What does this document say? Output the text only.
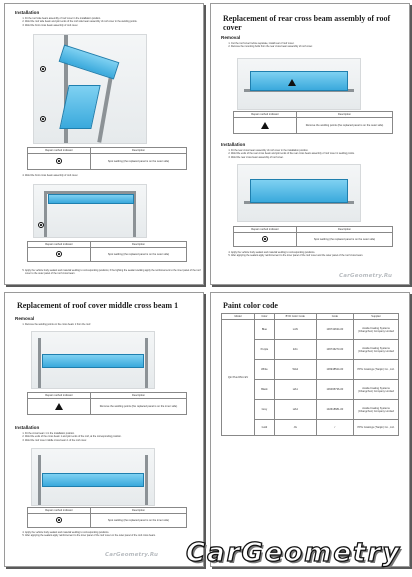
Installation
1. Fit the roof side beam assembly of roof cover in the installation position.
2. Weld the roof side beam and joint ends of the roof side beam assembly of roof cover in the welding points.
3. Weld the front cross beam assembly of roof cover.
Repair method indicator	Description
	Spot welding (the replaced panel is on the outer side)
4. Weld the front cross beam assembly of roof cover.
Repair method indicator	Description
	Spot welding (the replaced panel is on the outer side)
5. Apply the vehicle body sealant and material welding to corresponding positions; if the lighting the sealant welding apply the reinforcement to the inner panel of the roof cover to the outer panel of the roof cross beam.
Replacement of rear cross beam assembly of roof cover
Removal
1. Cut the roof cover before separate, install rear of roof cover.
2. Remove the mounting bolts from the rear cross beam assembly of roof cover.
Repair method indicator	Description
	Remove the welding points (the replaced panel is on the outer side)
Installation
1. Fit the rear cross beam assembly of roof cover in the installation position.
2. Weld the ends of the rear cross beam and joint ends of the rear cross beam assembly of roof cover in welding points.
3. Weld the rear cross beam assembly of roof cover.
Repair method indicator	Description
	Spot welding (the replaced panel is on the outer side)
4. Apply the vehicle body sealant and material welding to corresponding positions.
5. After applying the sealant apply reinforcement to the inner panel of the roof cover and the outer panel of the roof cross beam.
CarGeometry.Ru
Replacement of roof cover middle cross beam 1
Removal
1. Remove the welding points on the cross beam 1 from the roof.
Repair method indicator	Description
	Remove the welding points (the replaced panel is on the inner side)
Installation
1. Fit the cross beam 1 in the installation position.
2. Weld the ends of the cross beam 1 and joint ends of the roof, at the corresponding position.
3. Weld the roof cover middle cross beam 1 of the roof cover.
Repair method indicator	Description
	Spot welding (the replaced panel is on the inner side)
4. Apply the vehicle body sealant and material welding to corresponding positions.
5. After applying the sealant apply reinforcement to the inner panel of the roof cover on the outer panel of the roof cross beam.
CarGeometry.Ru
Paint color code
Model	Color	BYD Color Code	Code	Supplier
Qin Plus DM-i EV	Blue	LAN	136742634-00	Axalta Coating Systems (Changchun) Company Limited
	Purple	ZA1	136746273-00	Axalta Coating Systems (Changchun) Company Limited
	White	WA2	136948524-00	PPG Coatings (Tianjin) Co., Ltd.
	Black	HA1	136495736-00	Axalta Coating Systems (Changchun) Company Limited
	Grey	HA4	132618681-00	Axalta Coating Systems (Changchun) Company Limited
	Gold	JG	/	PPG Coatings (Tianjin) Co., Ltd.
CarGeometry
